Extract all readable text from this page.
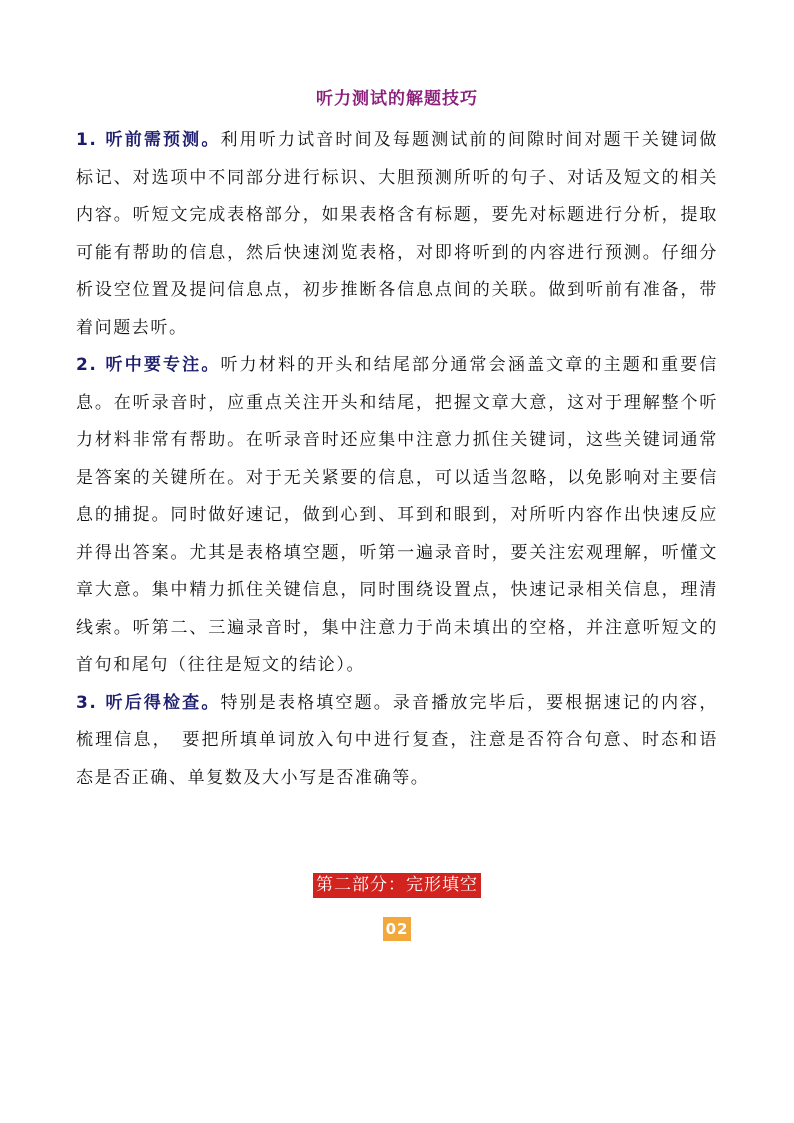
听力测试的解题技巧

1. 听前需预测。利用听力试音时间及每题测试前的间隙时间对题干关键词做标记、对选项中不同部分进行标识、大胆预测所听的句子、对话及短文的相关内容。听短文完成表格部分，如果表格含有标题，要先对标题进行分析，提取可能有帮助的信息，然后快速浏览表格，对即将听到的内容进行预测。仔细分析设空位置及提问信息点，初步推断各信息点间的关联。做到听前有准备，带着问题去听。

2. 听中要专注。听力材料的开头和结尾部分通常会涵盖文章的主题和重要信息。在听录音时，应重点关注开头和结尾，把握文章大意，这对于理解整个听力材料非常有帮助。在听录音时还应集中注意力抓住关键词，这些关键词通常是答案的关键所在。对于无关紧要的信息，可以适当忽略，以免影响对主要信息的捕捉。同时做好速记，做到心到、耳到和眼到，对所听内容作出快速反应并得出答案。尤其是表格填空题，听第一遍录音时，要关注宏观理解，听懂文章大意。集中精力抓住关键信息，同时围绕设置点，快速记录相关信息，理清线索。听第二、三遍录音时，集中注意力于尚未填出的空格，并注意听短文的首句和尾句（往往是短文的结论）。

3. 听后得检查。特别是表格填空题。录音播放完毕后，要根据速记的内容，梳理信息，　要把所填单词放入句中进行复查，注意是否符合句意、时态和语态是否正确、单复数及大小写是否准确等。

第二部分：完形填空
02
